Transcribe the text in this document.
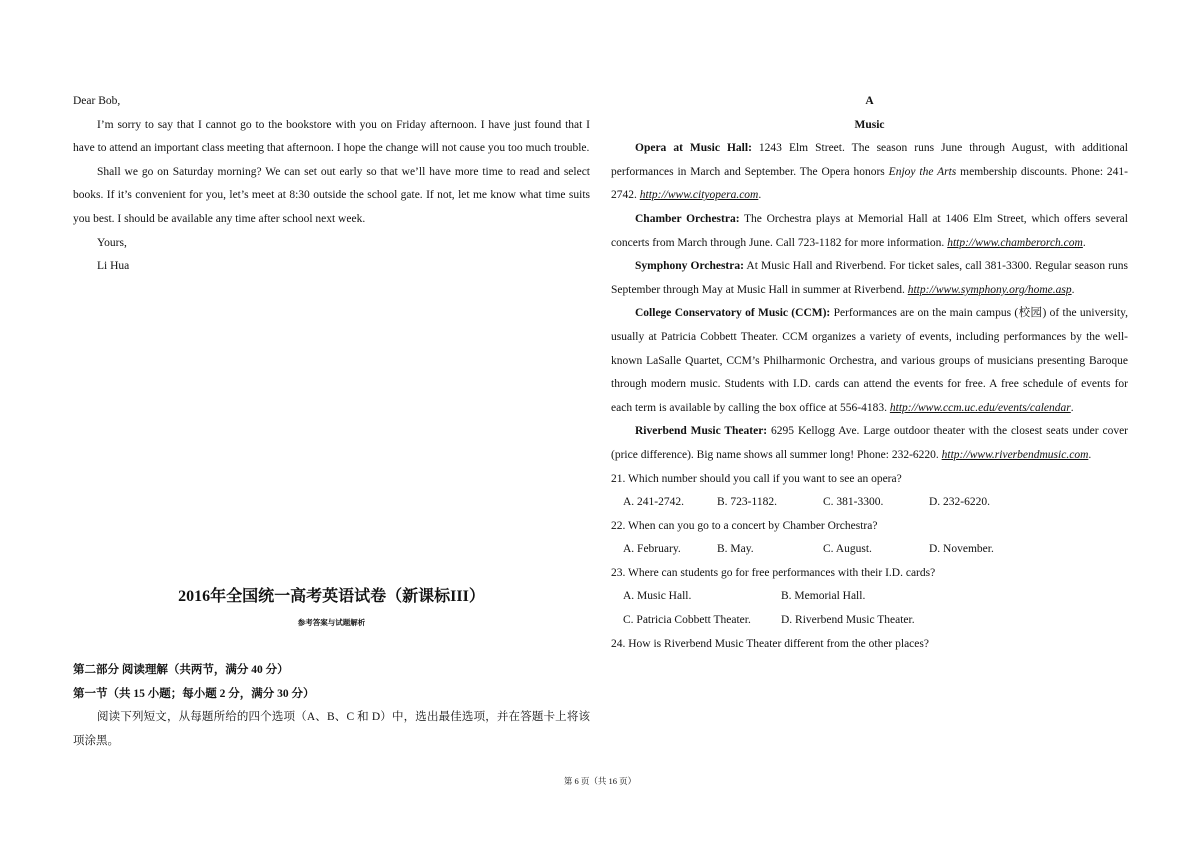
Dear Bob,

I’m sorry to say that I cannot go to the bookstore with you on Friday afternoon. I have just found that I have to attend an important class meeting that afternoon. I hope the change will not cause you too much trouble.

Shall we go on Saturday morning? We can set out early so that we’ll have more time to read and select books. If it’s convenient for you, let’s meet at 8:30 outside the school gate. If not, let me know what time suits you best. I should be available any time after school next week.

Yours,

Li Hua

2016年全国统一高考英语试卷（新课标III）

参考答案与试题解析

第二部分 阅读理解（共两节，满分 40 分）

第一节（共 15 小题；每小题 2 分，满分 30 分）

阅读下列短文，从每题所给的四个选项（A、B、C 和 D）中，选出最佳选项，并在答题卡上将该项涂黑。

A

Music

Opera at Music Hall: 1243 Elm Street. The season runs June through August, with additional performances in March and September. The Opera honors Enjoy the Arts membership discounts. Phone: 241-2742. http://www.cityopera.com.

Chamber Orchestra: The Orchestra plays at Memorial Hall at 1406 Elm Street, which offers several concerts from March through June. Call 723-1182 for more information. http://www.chamberorch.com.

Symphony Orchestra: At Music Hall and Riverbend. For ticket sales, call 381-3300. Regular season runs September through May at Music Hall in summer at Riverbend. http://www.symphony.org/home.asp.

College Conservatory of Music (CCM): Performances are on the main campus (校园) of the university, usually at Patricia Cobbett Theater. CCM organizes a variety of events, including performances by the well-known LaSalle Quartet, CCM’s Philharmonic Orchestra, and various groups of musicians presenting Baroque through modern music. Students with I.D. cards can attend the events for free. A free schedule of events for each term is available by calling the box office at 556-4183. http://www.ccm.uc.edu/events/calendar.

Riverbend Music Theater: 6295 Kellogg Ave. Large outdoor theater with the closest seats under cover (price difference). Big name shows all summer long! Phone: 232-6220. http://www.riverbendmusic.com.

21. Which number should you call if you want to see an opera?

A. 241-2742.	B. 723-1182.	C. 381-3300.	D. 232-6220.

22. When can you go to a concert by Chamber Orchestra?

A. February.	B. May.	C. August.	D. November.

23. Where can students go for free performances with their I.D. cards?

A. Music Hall.	B. Memorial Hall.
C. Patricia Cobbett Theater.	D. Riverbend Music Theater.

24. How is Riverbend Music Theater different from the other places?

第 6 页（共 16 页）
